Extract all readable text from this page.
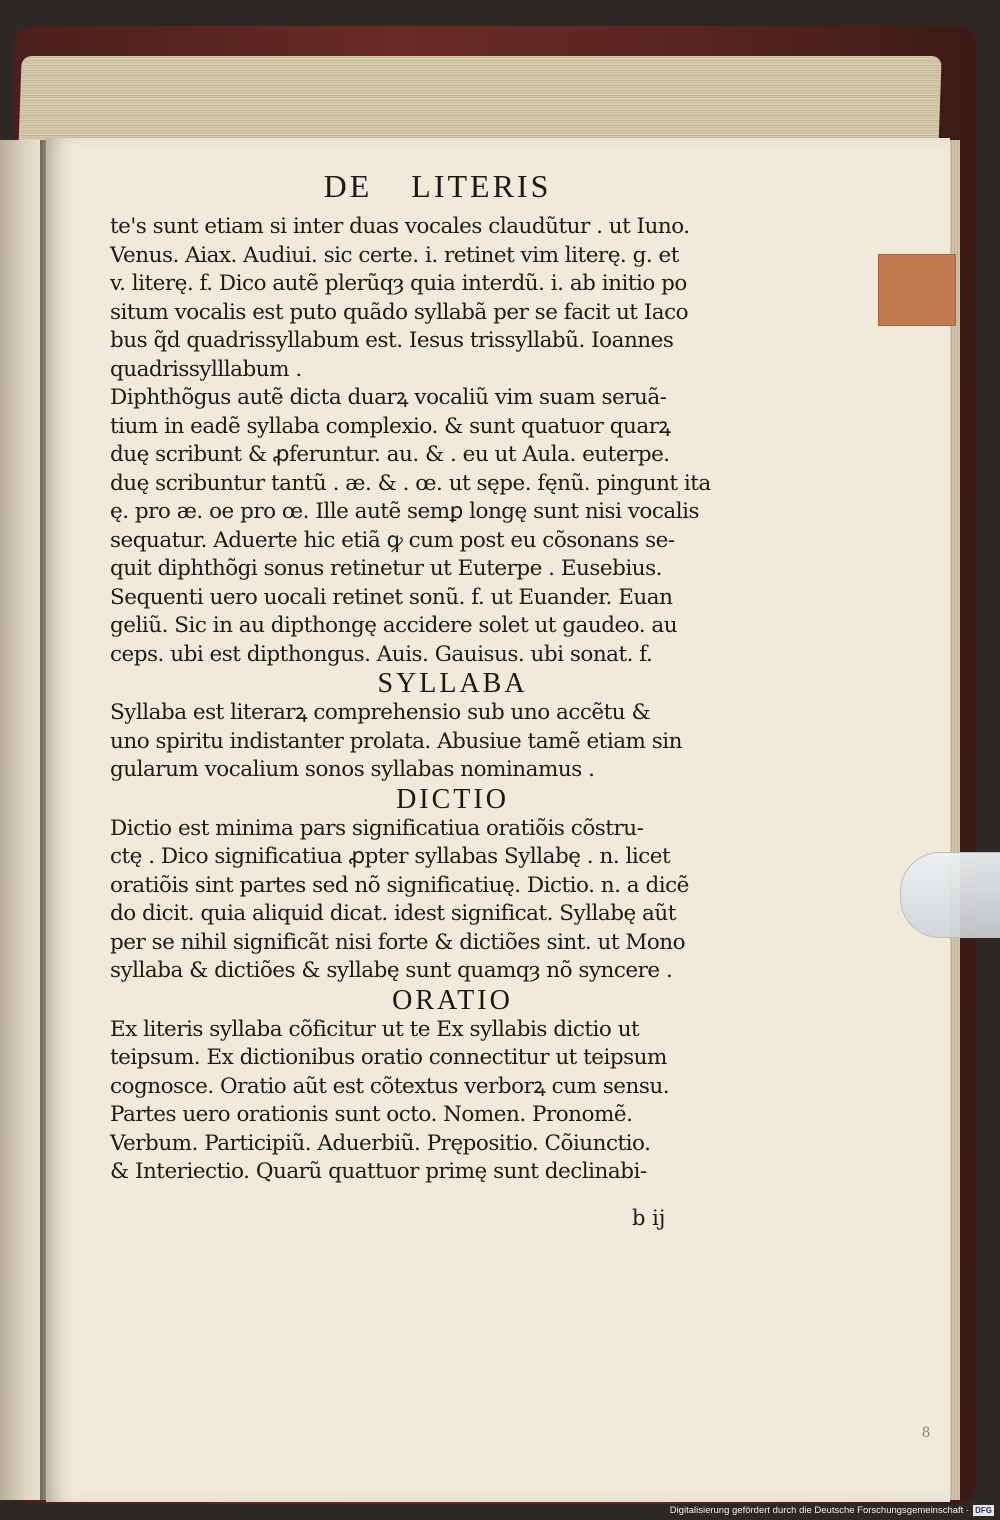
DE LITERIS
te's sunt etiam si inter duas vocales claudũtur . ut Iuno.
Venus. Aiax. Audiui. sic certe. i. retinet vim literę. g. et
v. literę. f. Dico autẽ plerũqȝ quia interdũ. i. ab initio po
situm vocalis est puto quãdo syllabã per se facit ut Iaco
bus q̃d quadrissyllabum est. Iesus trissyllabũ. Ioannes
quadrissylllabum .
Diphthõgus autẽ dicta duarꝝ vocaliũ vim suam seruã-
tium in eadẽ syllaba complexio. & sunt quatuor quarꝝ
duę scribunt & ꝓferuntur. au. & . eu ut Aula. euterpe.
duę scribuntur tantũ . æ. & . œ. ut sępe. fęnũ. pingunt ita
ę. pro æ. oe pro œ. Ille autẽ semꝑ longę sunt nisi vocalis
sequatur. Aduerte hic etiã ꝙ cum post eu cõsonans se-
quit diphthõgi sonus retinetur ut Euterpe . Eusebius.
Sequenti uero uocali retinet sonũ. f. ut Euander. Euan
geliũ. Sic in au dipthongę accidere solet ut gaudeo. au
ceps. ubi est dipthongus. Auis. Gauisus. ubi sonat. f.
SYLLABA
Syllaba est literarꝝ comprehensio sub uno accẽtu &
uno spiritu indistanter prolata. Abusiue tamẽ etiam sin
gularum vocalium sonos syllabas nominamus .
DICTIO
Dictio est minima pars significatiua oratiõis cõstru-
ctę . Dico significatiua ꝓpter syllabas Syllabę . n. licet
oratiõis sint partes sed nõ significatiuę. Dictio. n. a dicẽ
do dicit. quia aliquid dicat. idest significat. Syllabę aũt
per se nihil significãt nisi forte & dictiões sint. ut Mono
syllaba & dictiões & syllabę sunt quamqȝ nõ syncere .
ORATIO
Ex literis syllaba cõficitur ut te Ex syllabis dictio ut
teipsum. Ex dictionibus oratio connectitur ut teipsum
cognosce. Oratio aũt est cõtextus verborꝝ cum sensu.
Partes uero orationis sunt octo. Nomen. Pronomẽ.
Verbum. Participiũ. Aduerbiũ. Prępositio. Cõiunctio.
& Interiectio. Quarũ quattuor primę sunt declinabi-
b ij
8
Digitalisierung gefördert durch die Deutsche Forschungsgemeinschaft · DFG
